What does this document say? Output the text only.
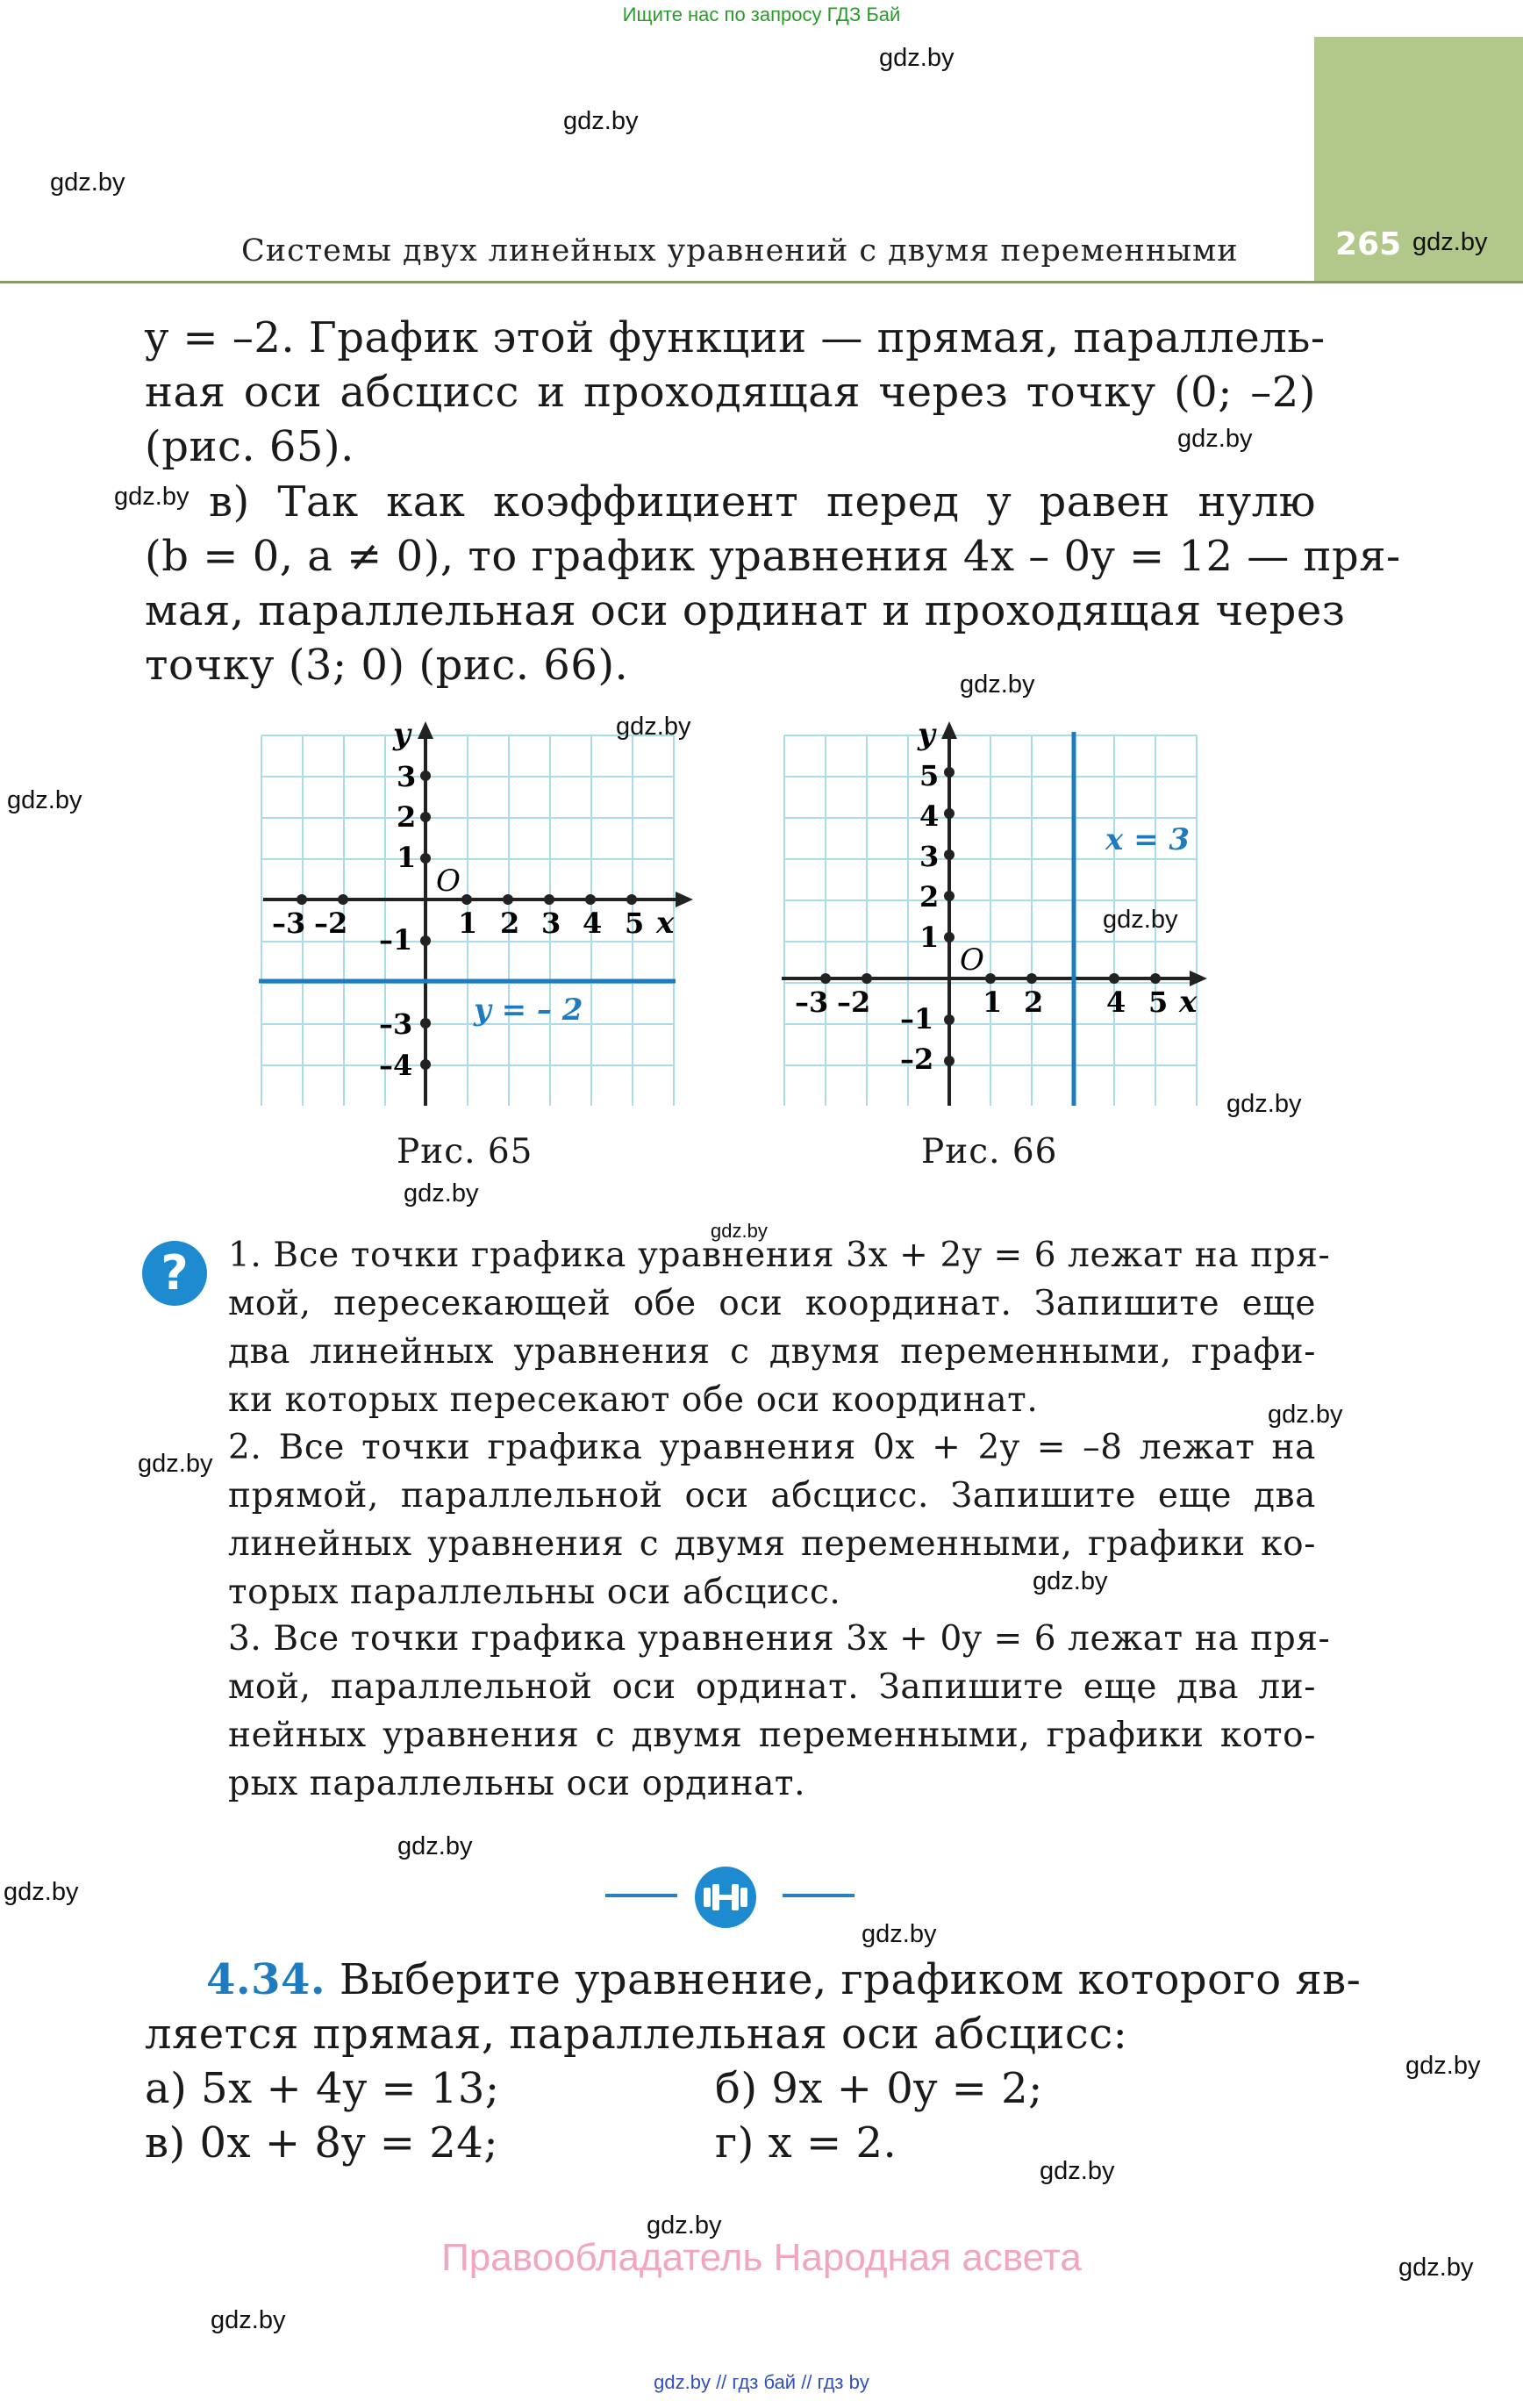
Ищите нас по запросу ГДЗ Бай
265
Системы двух линейных уравнений с двумя переменными
y = –2. График этой функции — прямая, параллель-
ная оси абсцисс и проходящая через точку (0; –2)
(рис. 65).
в) Так как коэффициент перед y равен нулю
(b = 0, a ≠ 0), то график уравнения 4x – 0y = 12 — пря-
мая, параллельная оси ординат и проходящая через
точку (3; 0) (рис. 66).
y
x
O
–3 –2	1 2 3 4 5
3
2
1
–1
–3
–4
y = – 2
Рис. 65
y
x
O
–3 –2	1 2 4 5
5
4
3
2
1
–1
–2
x = 3
Рис. 66
?	1. Все точки графика уравнения 3x + 2y = 6 лежат на пря-
мой, пересекающей обе оси координат. Запишите еще
два линейных уравнения с двумя переменными, графи-
ки которых пересекают обе оси координат.
2. Все точки графика уравнения 0x + 2y = –8 лежат на
прямой, параллельной оси абсцисс. Запишите еще два
линейных уравнения с двумя переменными, графики ко-
торых параллельны оси абсцисс.
3. Все точки графика уравнения 3x + 0y = 6 лежат на пря-
мой, параллельной оси ординат. Запишите еще два ли-
нейных уравнения с двумя переменными, графики кото-
рых параллельны оси ординат.
4.34. Выберите уравнение, графиком которого яв-
ляется прямая, параллельная оси абсцисс:
а) 5x + 4y = 13;	б) 9x + 0y = 2;
в) 0x + 8y = 24;	г) x = 2.
Правообладатель Народная асвета
gdz.by // гдз бай // гдз by
gdz.by
gdz.by
gdz.by
gdz.by
gdz.by
gdz.by
gdz.by
gdz.by
gdz.by
gdz.by
gdz.by
gdz.by
gdz.by
gdz.by
gdz.by
gdz.by
gdz.by
gdz.by
gdz.by
gdz.by
gdz.by
gdz.by
gdz.by
gdz.by
